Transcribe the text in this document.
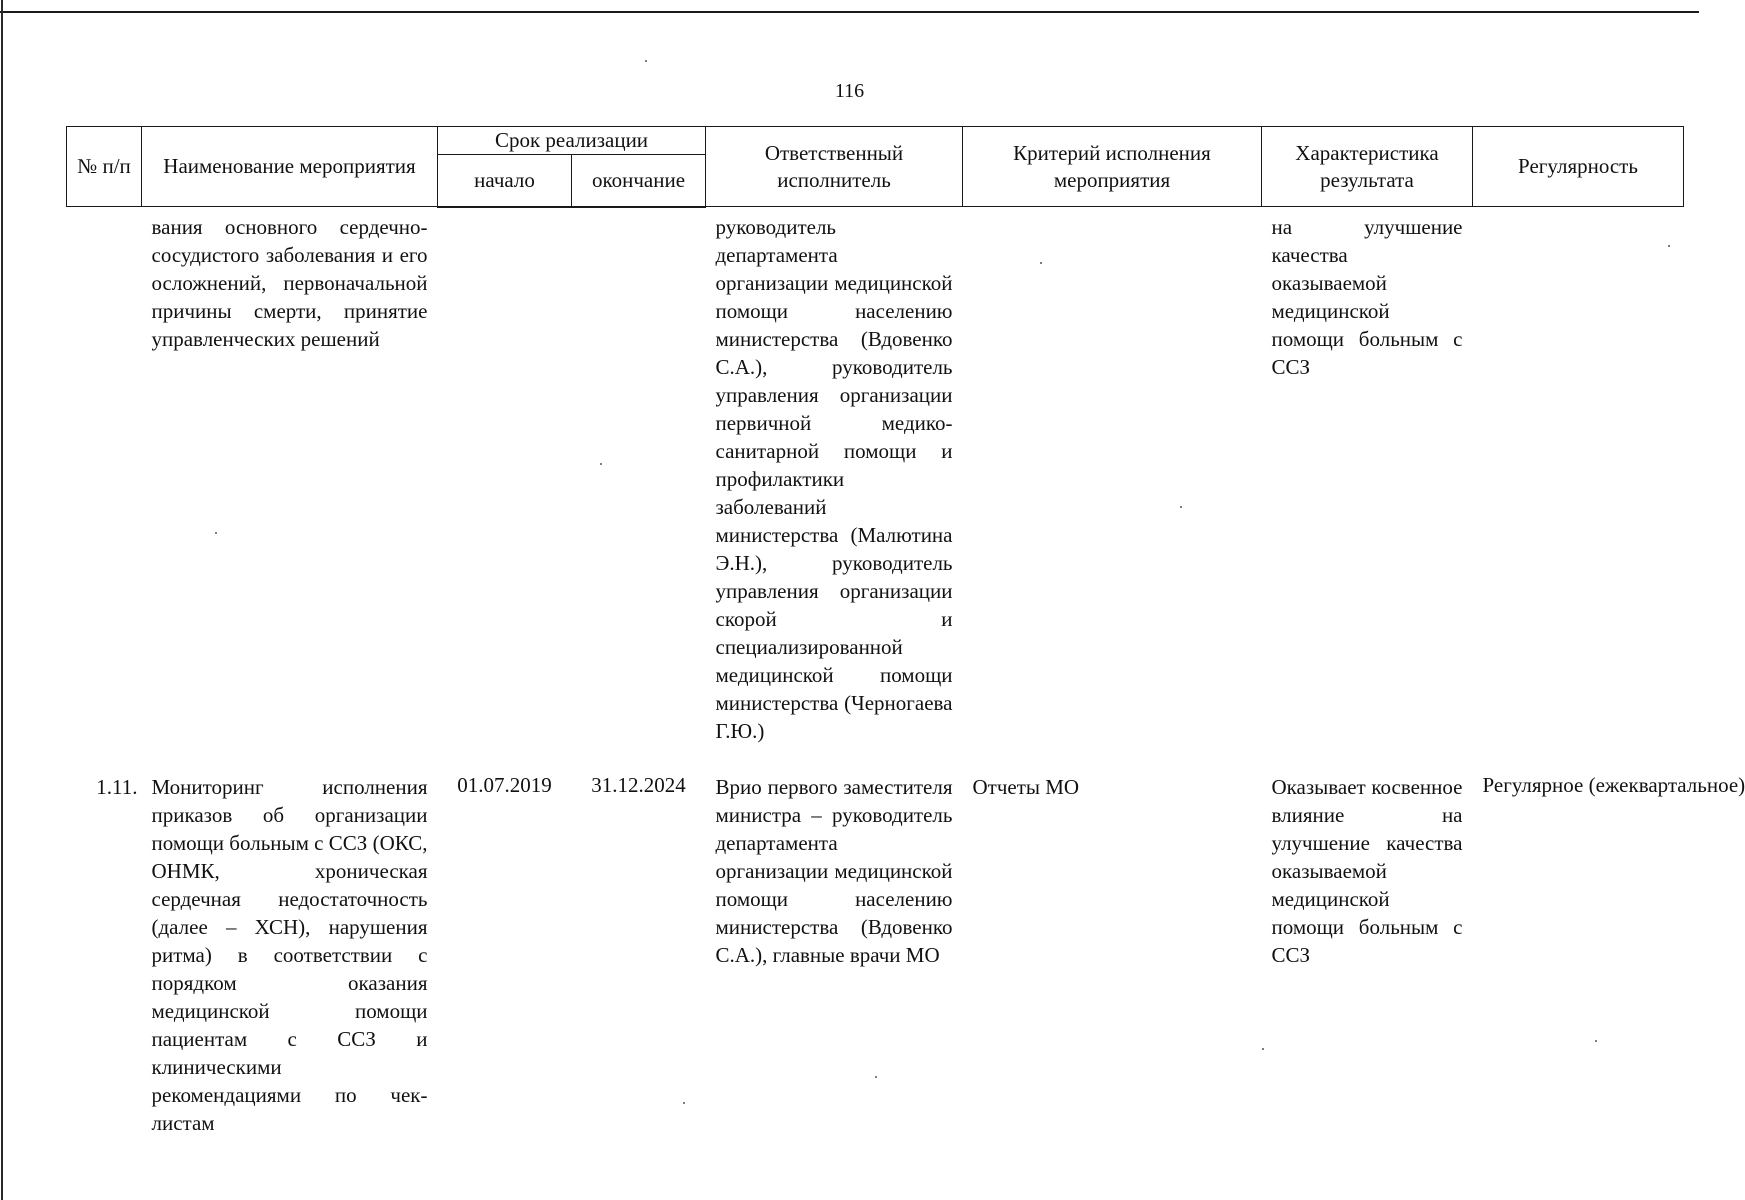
116
№ п/п	Наименование мероприятия	Срок реализации		Ответственный исполнитель	Критерий исполнения мероприятия	Характеристика результата	Регулярность
		начало	окончание				
	вания основного сердечно-сосудистого заболевания и его осложнений, первоначальной причины смерти, принятие управленческих решений			руководитель департамента организации медицинской помощи населению министерства (Вдовенко С.А.), руководитель управления организации первичной медико-санитарной помощи и профилактики заболеваний министерства (Малютина Э.Н.), руководитель управления организации скорой и специализированной медицинской помощи министерства (Черногаева Г.Ю.)		на улучшение качества оказываемой медицинской помощи больным с ССЗ	
1.11.	Мониторинг исполнения приказов об организации помощи больным с ССЗ (ОКС, ОНМК, хроническая сердечная недостаточность (далее – ХСН), нарушения ритма) в соответствии с порядком оказания медицинской помощи пациентам с ССЗ и клиническими рекомендациями по чек-листам	01.07.2019	31.12.2024	Врио первого заместителя министра – руководитель департамента организации медицинской помощи населению министерства (Вдовенко С.А.), главные врачи МО	Отчеты МО	Оказывает косвенное влияние на улучшение качества оказываемой медицинской помощи больным с ССЗ	Регулярное (ежеквартальное)
